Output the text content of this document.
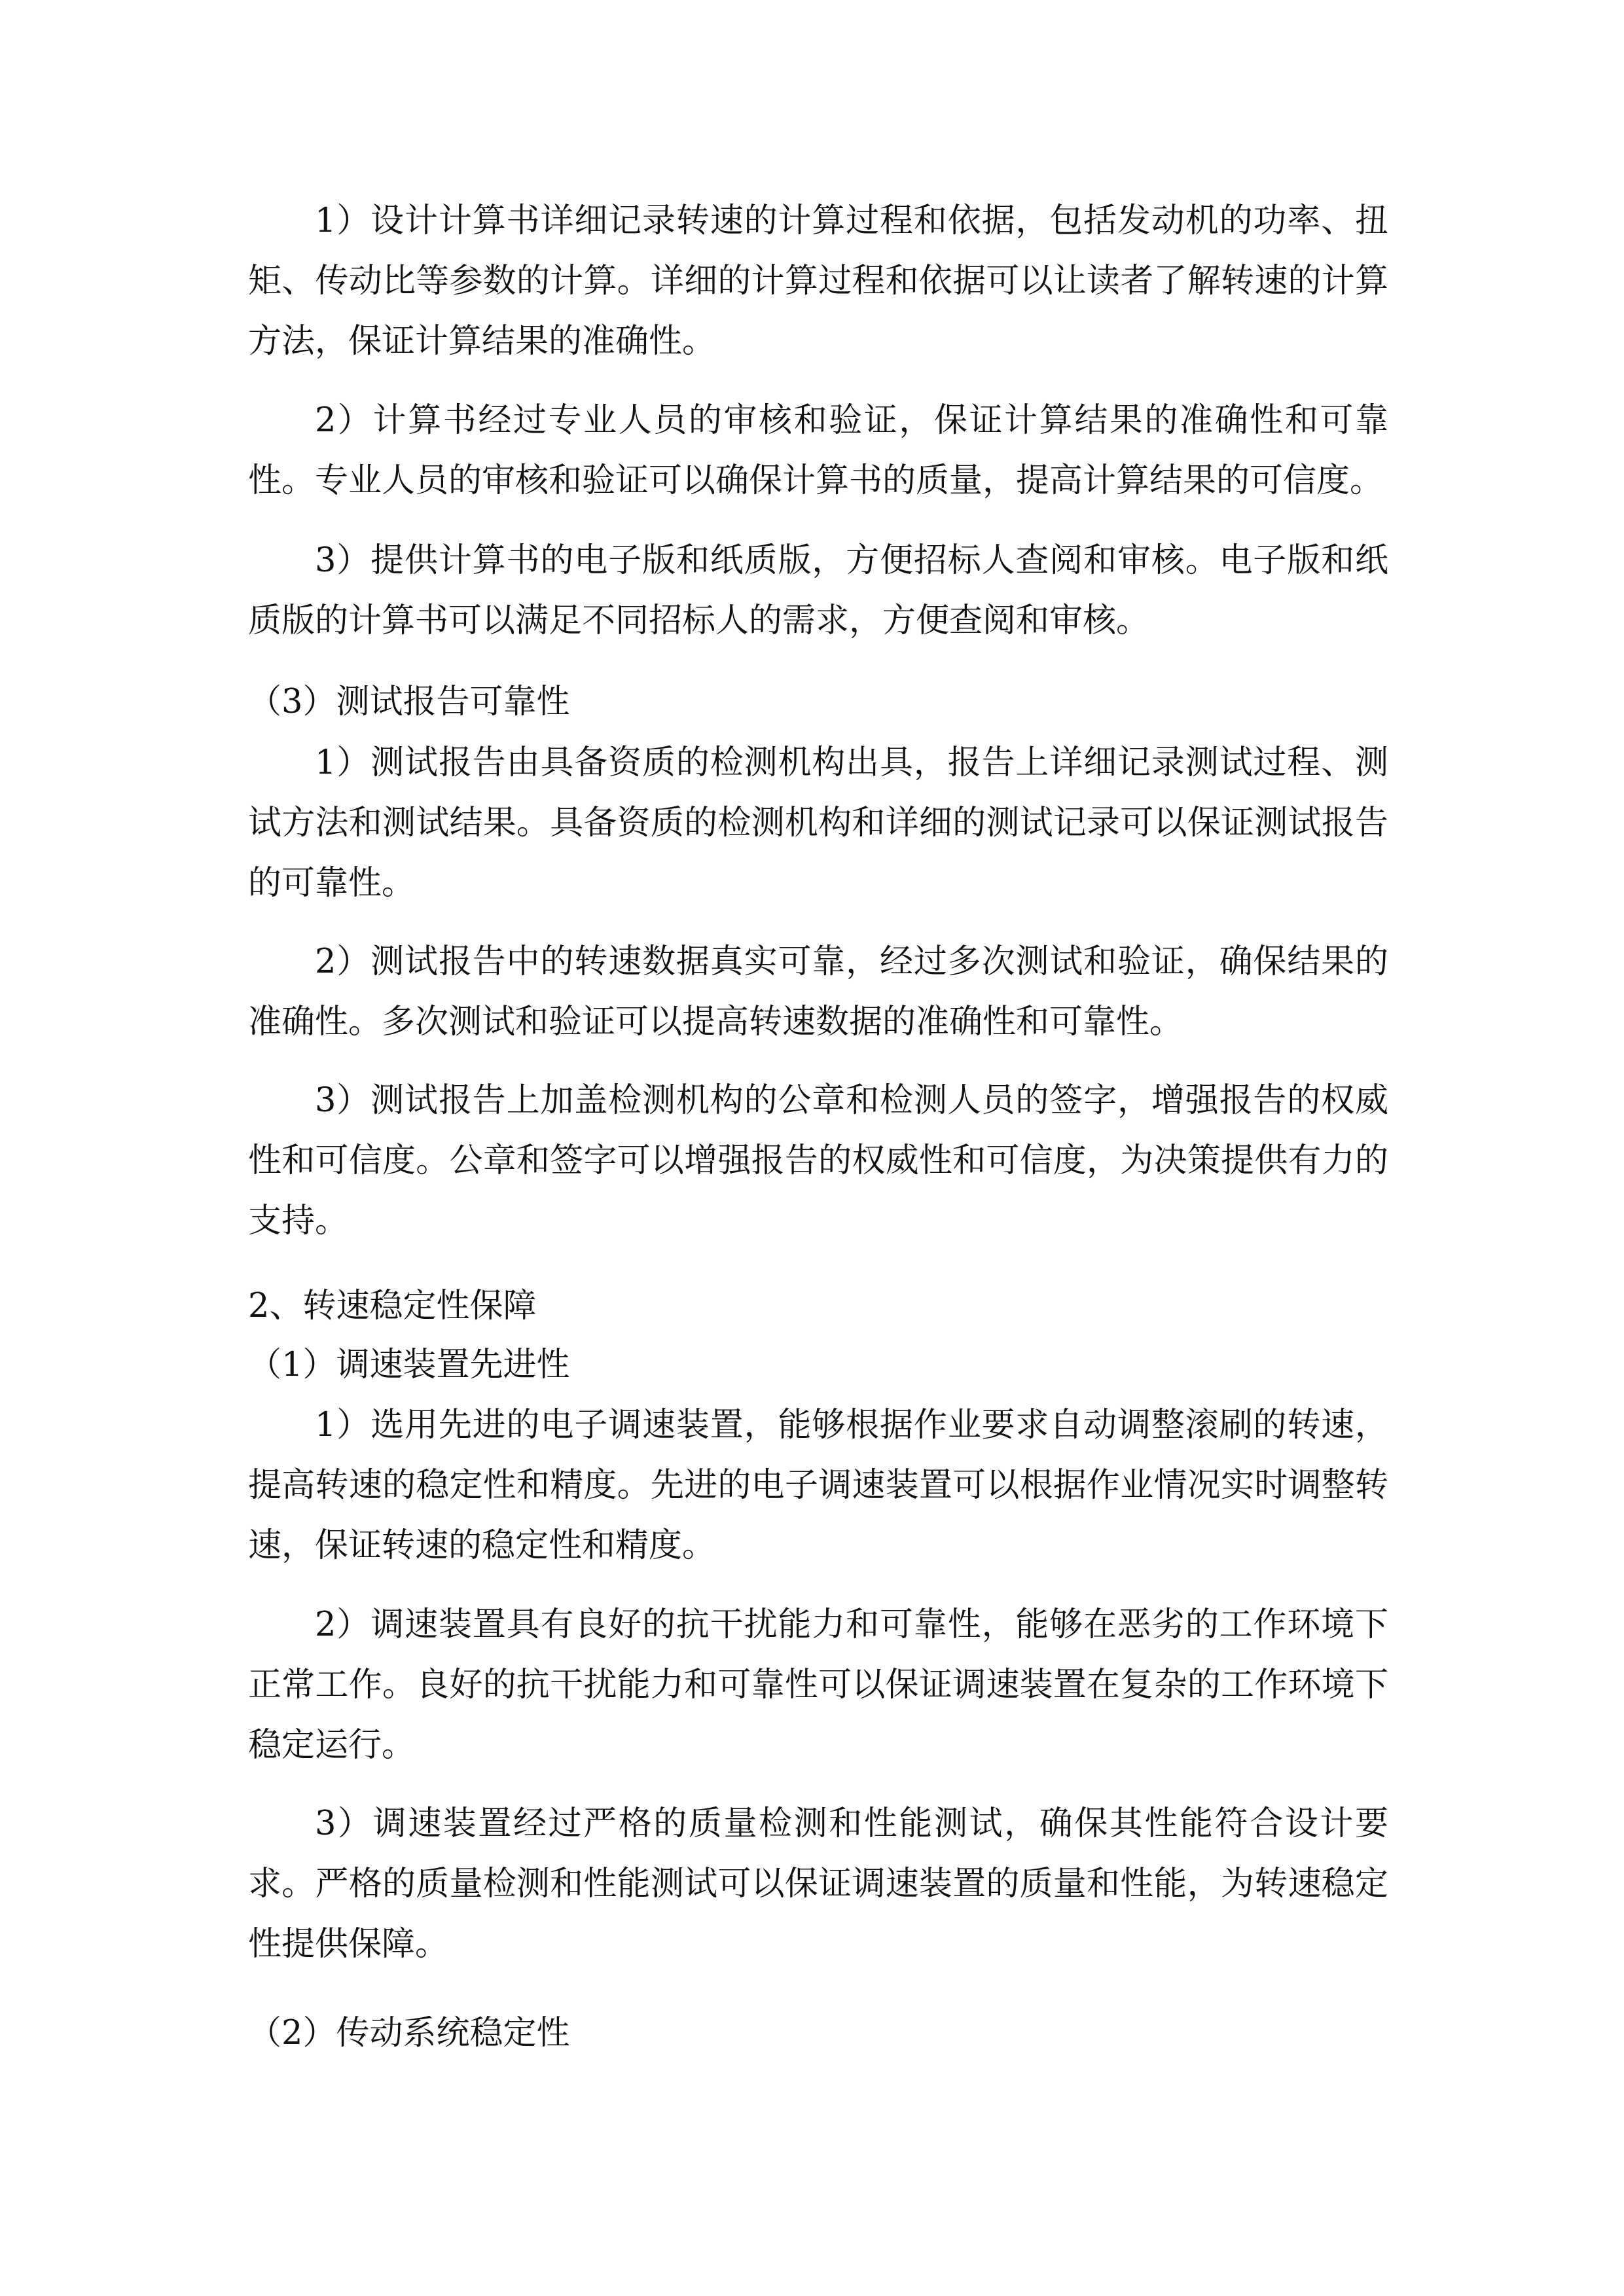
1）设计计算书详细记录转速的计算过程和依据，包括发动机的功率、扭矩、传动比等参数的计算。详细的计算过程和依据可以让读者了解转速的计算方法，保证计算结果的准确性。

2）计算书经过专业人员的审核和验证，保证计算结果的准确性和可靠性。专业人员的审核和验证可以确保计算书的质量，提高计算结果的可信度。

3）提供计算书的电子版和纸质版，方便招标人查阅和审核。电子版和纸质版的计算书可以满足不同招标人的需求，方便查阅和审核。

（3）测试报告可靠性

1）测试报告由具备资质的检测机构出具，报告上详细记录测试过程、测试方法和测试结果。具备资质的检测机构和详细的测试记录可以保证测试报告的可靠性。

2）测试报告中的转速数据真实可靠，经过多次测试和验证，确保结果的准确性。多次测试和验证可以提高转速数据的准确性和可靠性。

3）测试报告上加盖检测机构的公章和检测人员的签字，增强报告的权威性和可信度。公章和签字可以增强报告的权威性和可信度，为决策提供有力的支持。

2、转速稳定性保障

（1）调速装置先进性

1）选用先进的电子调速装置，能够根据作业要求自动调整滚刷的转速，提高转速的稳定性和精度。先进的电子调速装置可以根据作业情况实时调整转速，保证转速的稳定性和精度。

2）调速装置具有良好的抗干扰能力和可靠性，能够在恶劣的工作环境下正常工作。良好的抗干扰能力和可靠性可以保证调速装置在复杂的工作环境下稳定运行。

3）调速装置经过严格的质量检测和性能测试，确保其性能符合设计要求。严格的质量检测和性能测试可以保证调速装置的质量和性能，为转速稳定性提供保障。

（2）传动系统稳定性
